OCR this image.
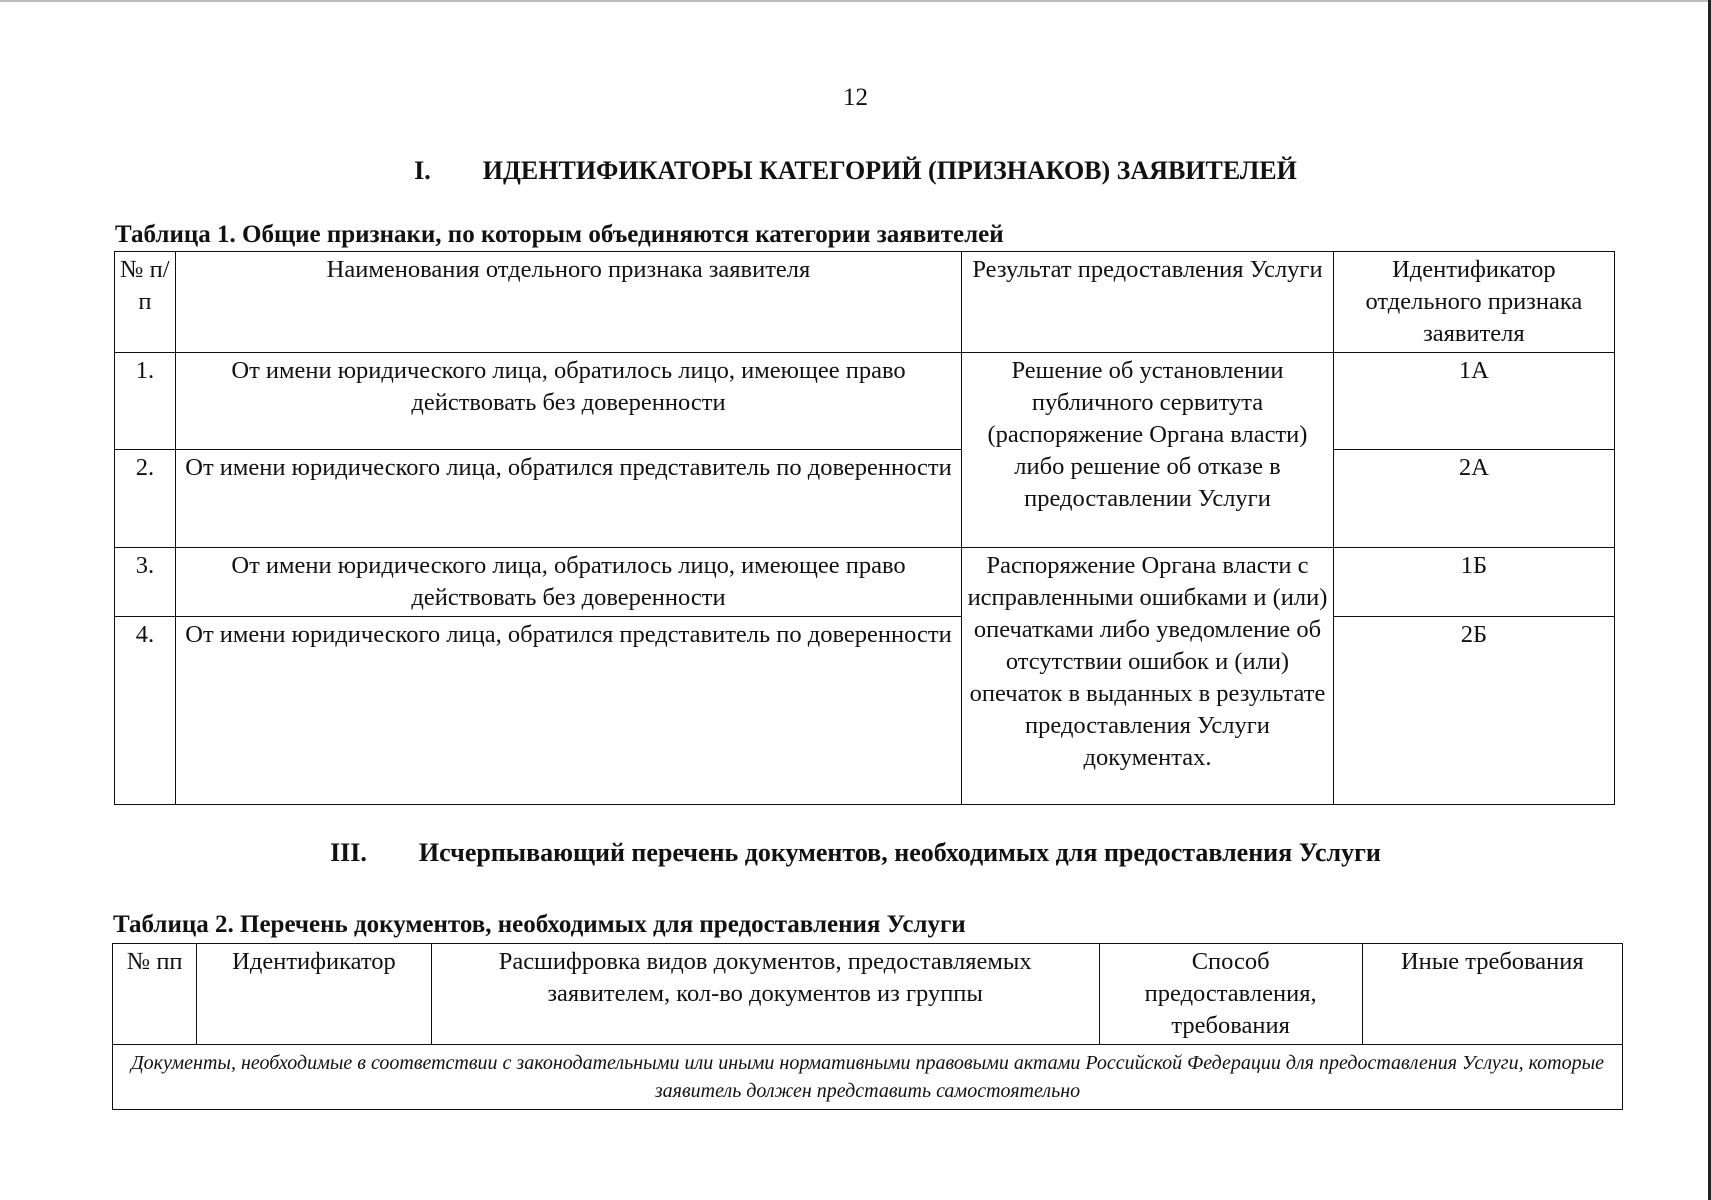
12
I. ИДЕНТИФИКАТОРЫ КАТЕГОРИЙ (ПРИЗНАКОВ) ЗАЯВИТЕЛЕЙ
Таблица 1. Общие признаки, по которым объединяются категории заявителей
№ п/п	Наименования отдельного признака заявителя	Результат предоставления Услуги	Идентификатор отдельного признака заявителя
1.	От имени юридического лица, обратилось лицо, имеющее право действовать без доверенности	Решение об установлении публичного сервитута (распоряжение Органа власти) либо решение об отказе в предоставлении Услуги	1А
2.	От имени юридического лица, обратился представитель по доверенности		2А
3.	От имени юридического лица, обратилось лицо, имеющее право действовать без доверенности	Распоряжение Органа власти с исправленными ошибками и (или) опечатками либо уведомление об отсутствии ошибок и (или) опечаток в выданных в результате предоставления Услуги документах.	1Б
4.	От имени юридического лица, обратился представитель по доверенности		2Б
III. Исчерпывающий перечень документов, необходимых для предоставления Услуги
Таблица 2. Перечень документов, необходимых для предоставления Услуги
№ пп	Идентификатор	Расшифровка видов документов, предоставляемых заявителем, кол-во документов из группы	Способ предоставления, требования	Иные требования
Документы, необходимые в соответствии с законодательными или иными нормативными правовыми актами Российской Федерации для предоставления Услуги, которые заявитель должен представить самостоятельно
